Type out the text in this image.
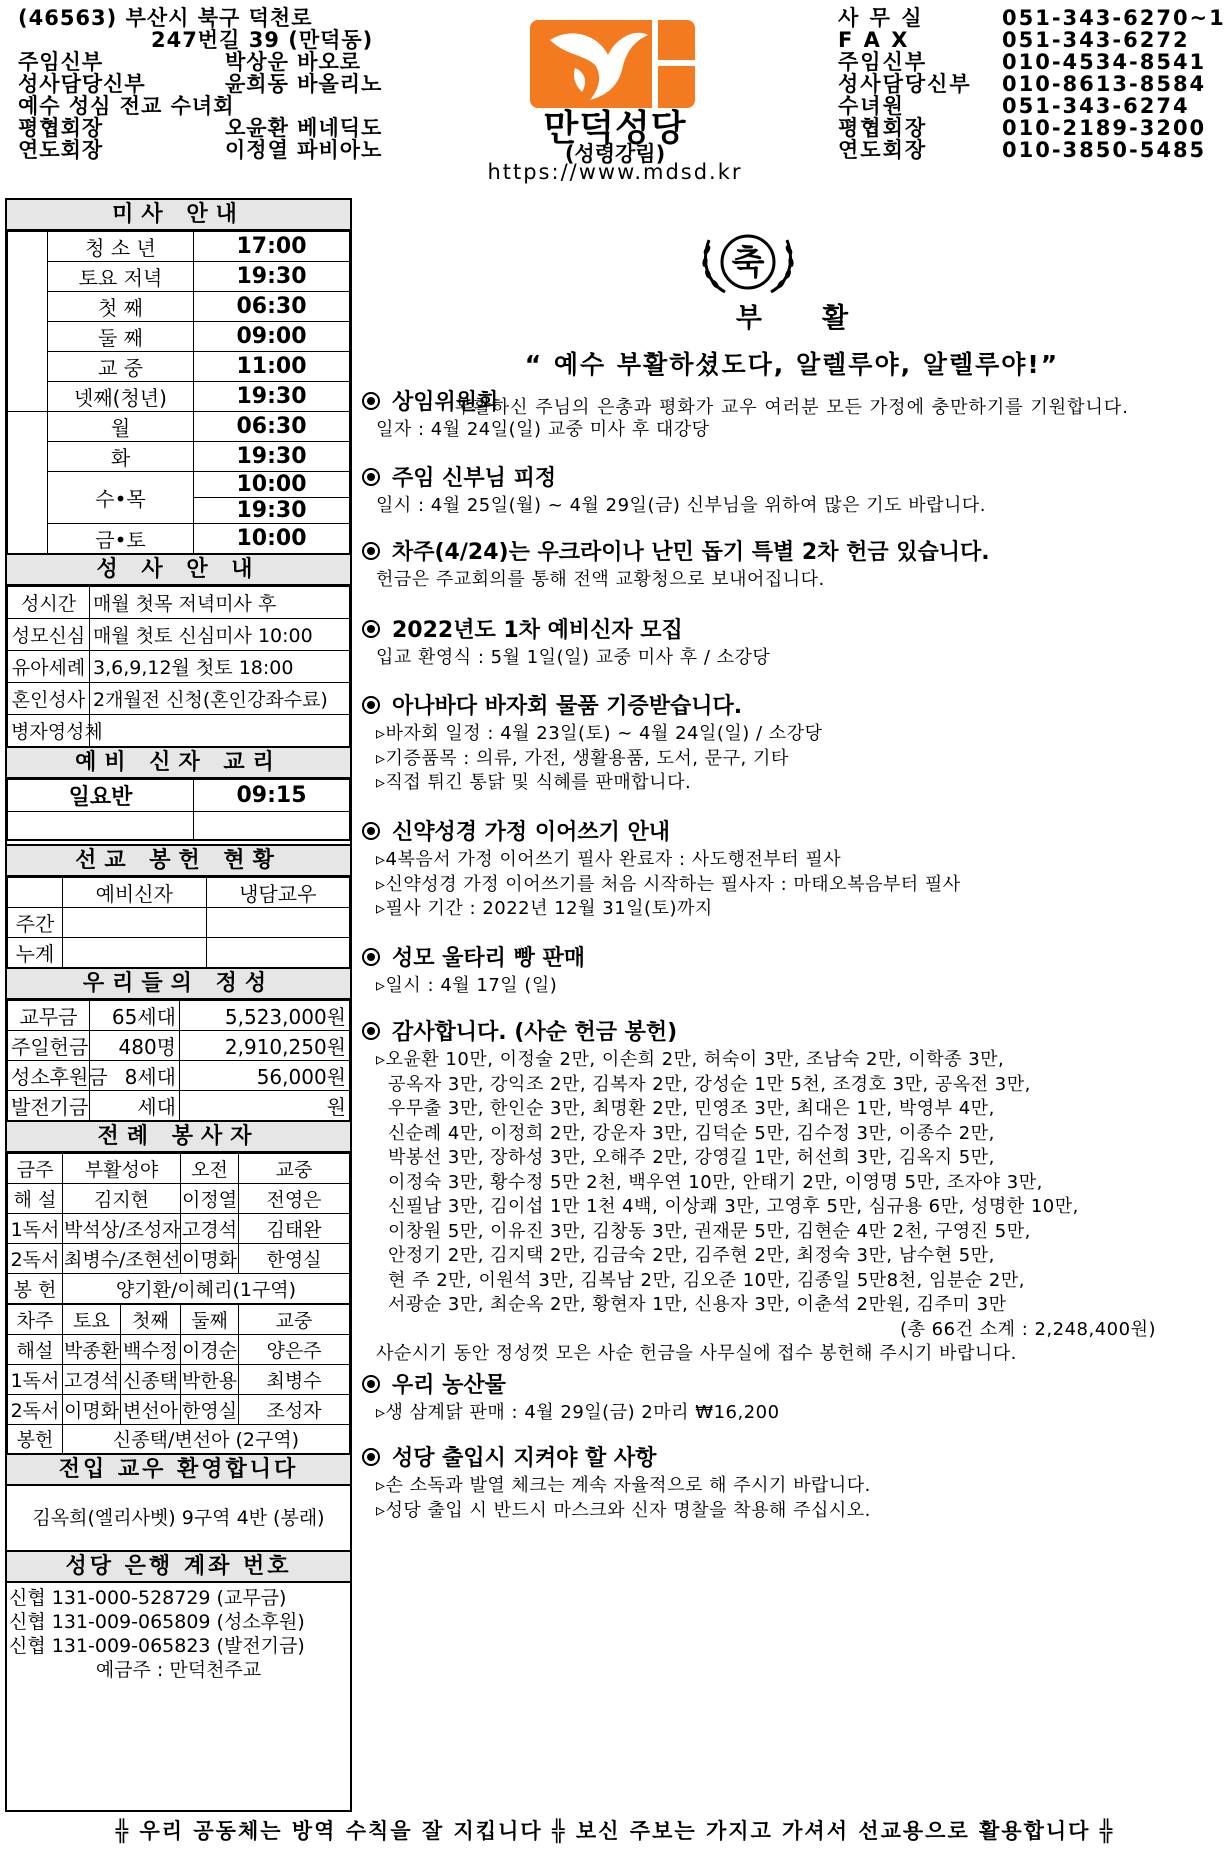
(46563) 부산시 북구 덕천로
247번길 39 (만덕동)
주임신부	박상운 바오로
성사담당신부	윤희동 바올리노
예수 성심 전교 수녀회
평협회장	오윤환 베네딕도
연도회장	이정열 파비아노
사 무 실	051-343-6270~1
F A X	051-343-6272
주임신부	010-4534-8541
성사담당신부 010-8613-8584
수녀원	051-343-6274
평협회장	010-2189-3200
연도회장	010-3850-5485
만덕성당
(성령강림)
https://www.mdsd.kr
미사 안내
	청 소 년	17:00
	토요 저녁	19:30
	첫 째	06:30
	둘 째	09:00
	교 중	11:00
	넷째(청년)	19:30
	월	06:30
	화	19:30
	수•목	10:00
		19:30
	금•토	10:00
성 사 안 내
성시간	매월 첫목 저녁미사 후
성모신심	매월 첫토 신심미사 10:00
유아세례	3,6,9,12월 첫토 18:00
혼인성사	2개월전 신청(혼인강좌수료)
병자영성체	
예비 신자 교리
일요반	09:15

선교 봉헌 현황
	예비신자	냉담교우
주간		
누계		
우리들의 정성
교무금	65세대	5,523,000원
주일헌금	480명	2,910,250원
성소후원금	8세대	56,000원
발전기금	세대	원
전례 봉사자
금주	부활성야	오전	교중
해 설	김지현	이정열	전영은
1독서	박석상/조성자	고경석	김태완
2독서	최병수/조현선	이명화	한영실
봉 헌	양기환/이혜리(1구역)		
차주	토요	첫째	둘째	교중
해설	박종환	백수정	이경순	양은주
1독서	고경석	신종택	박한용	최병수
2독서	이명화	변선아	한영실	조성자
봉헌	신종택/변선아 (2구역)			
전입 교우 환영합니다
김옥희(엘리사벳) 9구역 4반 (봉래)
성당 은행 계좌 번호
신협 131-000-528729 (교무금)
신협 131-009-065809 (성소후원)
신협 131-009-065823 (발전기금)
예금주 : 만덕천주교
축
부활
“ 예수 부활하셨도다, 알렐루야, 알렐루야!”
부활하신 주님의 은총과 평화가 교우 여러분 모든 가정에 충만하기를 기원합니다.
상임위원회
일자 : 4월 24일(일) 교중 미사 후 대강당
주임 신부님 피정
일시 : 4월 25일(월) ~ 4월 29일(금) 신부님을 위하여 많은 기도 바랍니다.
차주(4/24)는 우크라이나 난민 돕기 특별 2차 헌금 있습니다.
헌금은 주교회의를 통해 전액 교황청으로 보내어집니다.
2022년도 1차 예비신자 모집
입교 환영식 : 5월 1일(일) 교중 미사 후 / 소강당
아나바다 바자회 물품 기증받습니다.
▹바자회 일정 : 4월 23일(토) ~ 4월 24일(일) / 소강당
▹기증품목 : 의류, 가전, 생활용품, 도서, 문구, 기타
▹직접 튀긴 통닭 및 식혜를 판매합니다.
신약성경 가정 이어쓰기 안내
▹4복음서 가정 이어쓰기 필사 완료자 : 사도행전부터 필사
▹신약성경 가정 이어쓰기를 처음 시작하는 필사자 : 마태오복음부터 필사
▹필사 기간 : 2022년 12월 31일(토)까지
성모 울타리 빵 판매
▹일시 : 4월 17일 (일)
감사합니다. (사순 헌금 봉헌)
▹오윤환 10만, 이정술 2만, 이손희 2만, 허숙이 3만, 조남숙 2만, 이학종 3만,
공옥자 3만, 강익조 2만, 김복자 2만, 강성순 1만 5천, 조경호 3만, 공옥전 3만,
우무출 3만, 한인순 3만, 최명환 2만, 민영조 3만, 최대은 1만, 박영부 4만,
신순례 4만, 이정희 2만, 강운자 3만, 김덕순 5만, 김수정 3만, 이종수 2만,
박봉선 3만, 장하성 3만, 오해주 2만, 강영길 1만, 허선희 3만, 김옥지 5만,
이정숙 3만, 황수정 5만 2천, 백우연 10만, 안태기 2만, 이영명 5만, 조자야 3만,
신필남 3만, 김이섭 1만 1천 4백, 이상쾌 3만, 고영후 5만, 심규용 6만, 성명한 10만,
이창원 5만, 이유진 3만, 김창동 3만, 권재문 5만, 김현순 4만 2천, 구영진 5만,
안정기 2만, 김지택 2만, 김금숙 2만, 김주현 2만, 최정숙 3만, 남수현 5만,
현 주 2만, 이원석 3만, 김복남 2만, 김오준 10만, 김종일 5만8천, 임분순 2만,
서광순 3만, 최순옥 2만, 황현자 1만, 신용자 3만, 이춘석 2만원, 김주미 3만
(총 66건 소계 : 2,248,400원)
사순시기 동안 정성껏 모은 사순 헌금을 사무실에 접수 봉헌해 주시기 바랍니다.
우리 농산물
▹생 삼계닭 판매 : 4월 29일(금) 2마리 ₩16,200
성당 출입시 지켜야 할 사항
▹손 소독과 발열 체크는 계속 자율적으로 해 주시기 바랍니다.
▹성당 출입 시 반드시 마스크와 신자 명찰을 착용해 주십시오.
╬ 우리 공동체는 방역 수칙을 잘 지킵니다 ╬ 보신 주보는 가지고 가셔서 선교용으로 활용합니다 ╬
